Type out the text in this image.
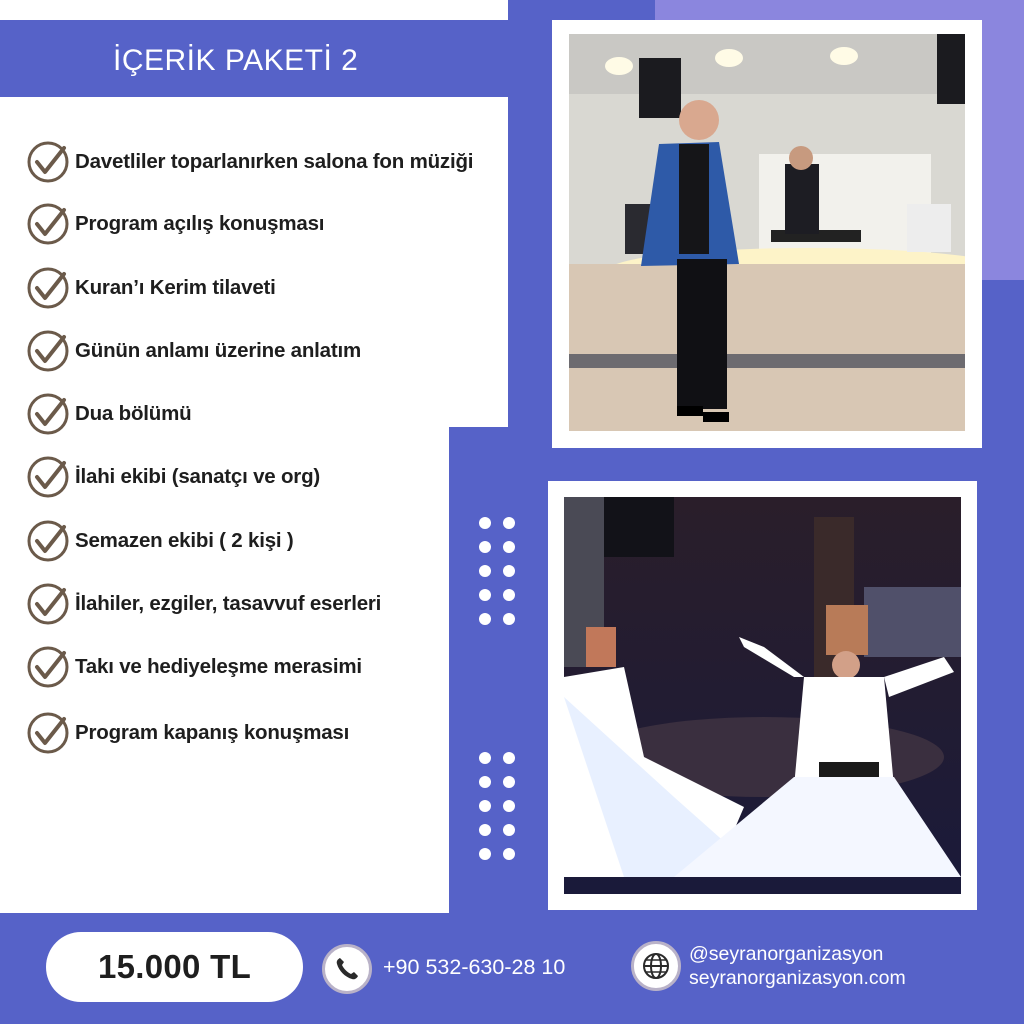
İÇERİK PAKETİ 2
Davetliler toparlanırken salona fon müziği
Program açılış konuşması
Kuran’ı Kerim tilaveti
Günün anlamı üzerine anlatım
Dua bölümü
İlahi ekibi (sanatçı ve org)
Semazen ekibi ( 2 kişi )
İlahiler, ezgiler, tasavvuf eserleri
Takı ve hediyeleşme merasimi
Program kapanış konuşması
15.000 TL	+90 532-630-28 10
@seyranorganizasyon
seyranorganizasyon.com
